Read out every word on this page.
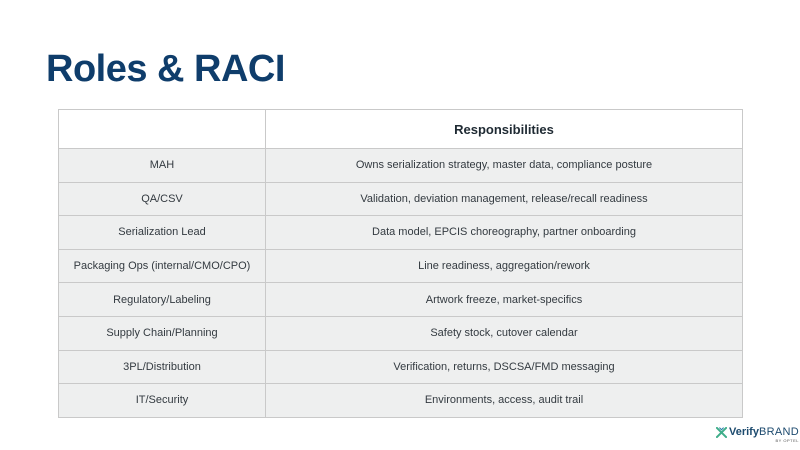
Roles & RACI
	Responsibilities
MAH	Owns serialization strategy, master data, compliance posture
QA/CSV	Validation, deviation management, release/recall readiness
Serialization Lead	Data model, EPCIS choreography, partner onboarding
Packaging Ops (internal/CMO/CPO)	Line readiness, aggregation/rework
Regulatory/Labeling	Artwork freeze, market-specifics
Supply Chain/Planning	Safety stock, cutover calendar
3PL/Distribution	Verification, returns, DSCSA/FMD messaging
IT/Security	Environments, access, audit trail
VerifyBRAND
BY OPTEL
